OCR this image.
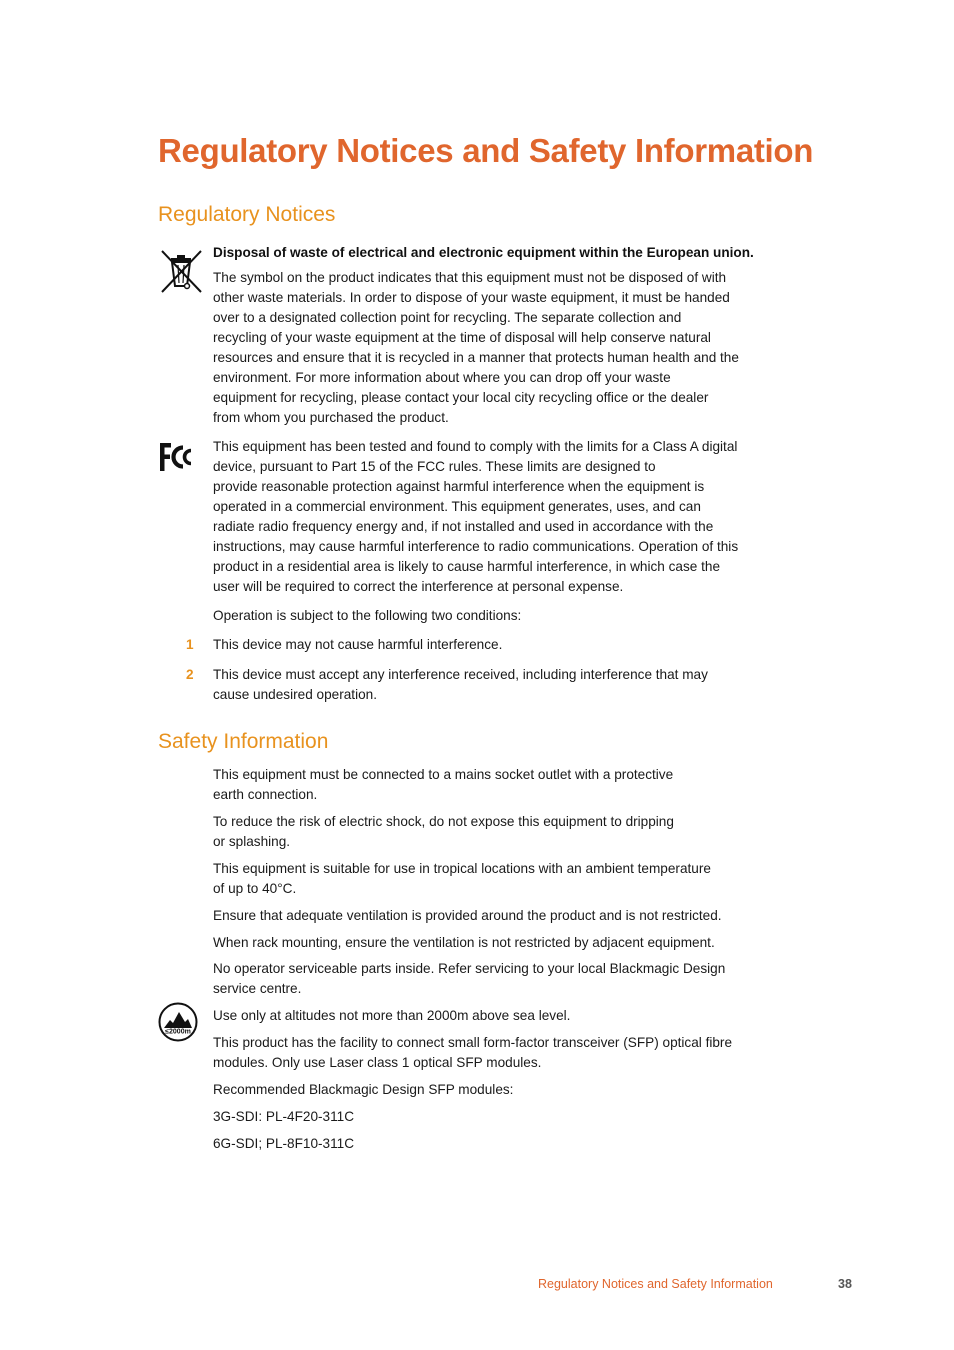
Regulatory Notices and Safety Information
Regulatory Notices

Disposal of waste of electrical and electronic equipment within the European union.

The symbol on the product indicates that this equipment must not be disposed of with

other waste materials. In order to dispose of your waste equipment, it must be handed

over to a designated collection point for recycling. The separate collection and

recycling of your waste equipment at the time of disposal will help conserve natural

resources and ensure that it is recycled in a manner that protects human health and the

environment. For more information about where you can drop off your waste

equipment for recycling, please contact your local city recycling office or the dealer

from whom you purchased the product.

This equipment has been tested and found to comply with the limits for a Class A digital

device, pursuant to Part 15 of the FCC rules. These limits are designed to

provide reasonable protection against harmful interference when the equipment is

operated in a commercial environment. This equipment generates, uses, and can

radiate radio frequency energy and, if not installed and used in accordance with the

instructions, may cause harmful interference to radio communications. Operation of this

product in a residential area is likely to cause harmful interference, in which case the

user will be required to correct the interference at personal expense.

Operation is subject to the following two conditions:

1 This device may not cause harmful interference.

2 This device must accept any interference received, including interference that may

cause undesired operation.

Safety Information

This equipment must be connected to a mains socket outlet with a protective

earth connection.

To reduce the risk of electric shock, do not expose this equipment to dripping

or splashing.

This equipment is suitable for use in tropical locations with an ambient temperature

of up to 40°C.

Ensure that adequate ventilation is provided around the product and is not restricted.

When rack mounting, ensure the ventilation is not restricted by adjacent equipment.

No operator serviceable parts inside. Refer servicing to your local Blackmagic Design

service centre.

≤2000m

Use only at altitudes not more than 2000m above sea level.

This product has the facility to connect small form-factor transceiver (SFP) optical fibre

modules. Only use Laser class 1 optical SFP modules.

Recommended Blackmagic Design SFP modules:

3G-SDI: PL-4F20-311C

6G-SDI; PL-8F10-311C

Regulatory Notices and Safety Information	38
